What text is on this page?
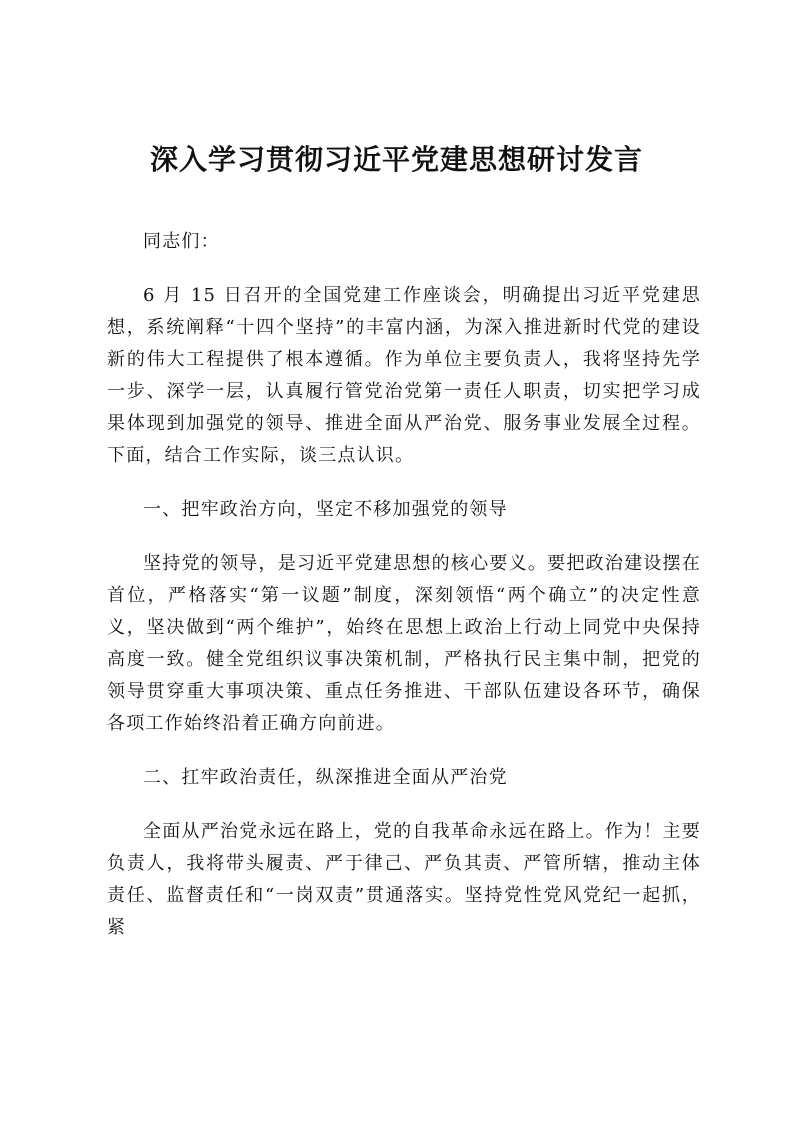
深入学习贯彻习近平党建思想研讨发言

同志们：

6 月 15 日召开的全国党建工作座谈会，明确提出习近平党建思想，系统阐释“十四个坚持”的丰富内涵，为深入推进新时代党的建设新的伟大工程提供了根本遵循。作为单位主要负责人，我将坚持先学一步、深学一层，认真履行管党治党第一责任人职责，切实把学习成果体现到加强党的领导、推进全面从严治党、服务事业发展全过程。下面，结合工作实际，谈三点认识。

一、把牢政治方向，坚定不移加强党的领导

坚持党的领导，是习近平党建思想的核心要义。要把政治建设摆在首位，严格落实“第一议题”制度，深刻领悟“两个确立”的决定性意义，坚决做到“两个维护”，始终在思想上政治上行动上同党中央保持高度一致。健全党组织议事决策机制，严格执行民主集中制，把党的领导贯穿重大事项决策、重点任务推进、干部队伍建设各环节，确保各项工作始终沿着正确方向前进。

二、扛牢政治责任，纵深推进全面从严治党

全面从严治党永远在路上，党的自我革命永远在路上。作为！主要负责人，我将带头履责、严于律己、严负其责、严管所辖，推动主体责任、监督责任和“一岗双责”贯通落实。坚持党性党风党纪一起抓，紧
